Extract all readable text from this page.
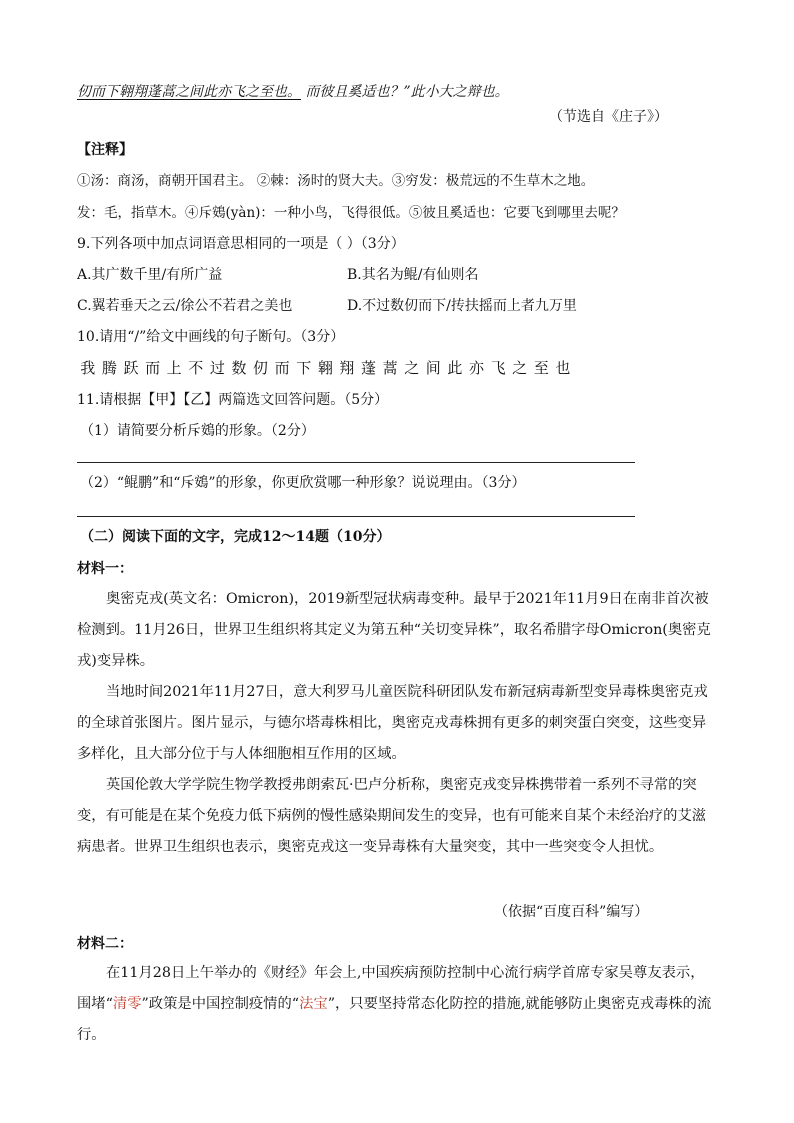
仞而下翱翔蓬蒿之间此亦飞之至也。 而彼且奚适也？”此小大之辩也。
（节选自《庄子》）
【注释】
①汤：商汤，商朝开国君主。 ②棘：汤时的贤大夫。③穷发：极荒远的不生草木之地。
发：毛，指草木。④斥鴳(yàn)：一种小鸟，飞得很低。⑤彼且奚适也：它要飞到哪里去呢？
9.下列各项中加点词语意思相同的一项是（ ）（3分）
A.其广数千里/有所广益	B.其名为鲲/有仙则名
C.翼若垂天之云/徐公不若君之美也	D.不过数仞而下/抟扶摇而上者九万里
10.请用“/”给文中画线的句子断句。（3分）
我 腾 跃 而 上 不 过 数 仞 而 下 翱 翔 蓬 蒿 之 间 此 亦 飞 之 至 也
11.请根据【甲】【乙】两篇选文回答问题。（5分）
（1）请简要分析斥鴳的形象。（2分）
（2）“鲲鹏”和“斥鴳”的形象，你更欣赏哪一种形象？说说理由。（3分）
（二）阅读下面的文字，完成12～14题（10分）
材料一：
奥密克戎(英文名：Omicron)，2019新型冠状病毒变种。最早于2021年11月9日在南非首次被检测到。11月26日，世界卫生组织将其定义为第五种“关切变异株”，取名希腊字母Omicron(奥密克戎)变异株。
当地时间2021年11月27日，意大利罗马儿童医院科研团队发布新冠病毒新型变异毒株奥密克戎的全球首张图片。图片显示，与德尔塔毒株相比，奥密克戎毒株拥有更多的刺突蛋白突变，这些变异多样化，且大部分位于与人体细胞相互作用的区域。
英国伦敦大学学院生物学教授弗朗索瓦·巴卢分析称，奥密克戎变异株携带着一系列不寻常的突变，有可能是在某个免疫力低下病例的慢性感染期间发生的变异，也有可能来自某个未经治疗的艾滋病患者。世界卫生组织也表示，奥密克戎这一变异毒株有大量突变，其中一些突变令人担忧。
（依据“百度百科”编写）
材料二：
在11月28日上午举办的《财经》年会上,中国疾病预防控制中心流行病学首席专家吴尊友表示，围堵“清零”政策是中国控制疫情的“法宝”，只要坚持常态化防控的措施,就能够防止奥密克戎毒株的流行。
